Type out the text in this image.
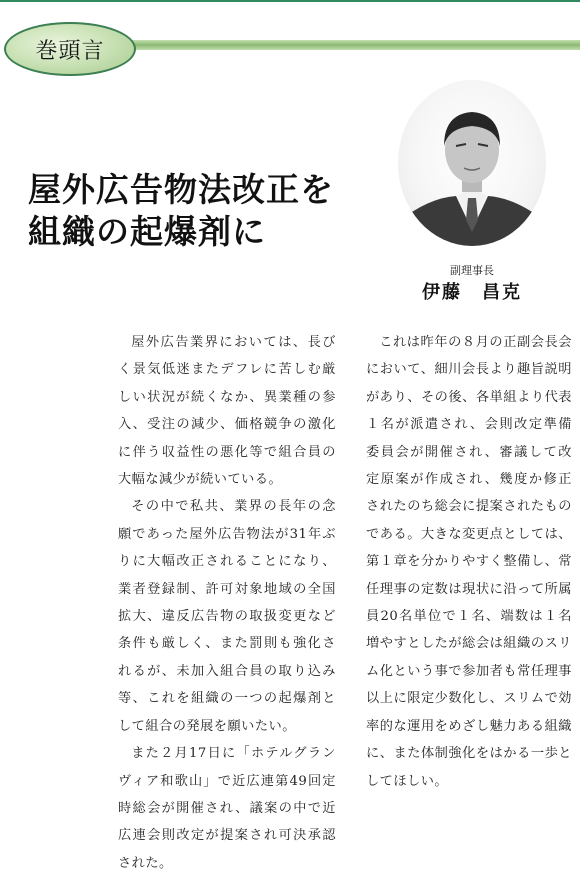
巻頭言
屋外広告物法改正を
組織の起爆剤に
副理事長
伊藤　昌克

屋外広告業界においては、長びく景気低迷またデフレに苦しむ厳しい状況が続くなか、異業種の参入、受注の減少、価格競争の激化に伴う収益性の悪化等で組合員の大幅な減少が続いている。

その中で私共、業界の長年の念願であった屋外広告物法が31年ぶりに大幅改正されることになり、業者登録制、許可対象地域の全国拡大、違反広告物の取扱変更など条件も厳しく、また罰則も強化されるが、未加入組合員の取り込み等、これを組織の一つの起爆剤として組合の発展を願いたい。

また２月17日に「ホテルグランヴィア和歌山」で近広連第49回定時総会が開催され、議案の中で近広連会則改定が提案され可決承認された。

これは昨年の８月の正副会長会において、細川会長より趣旨説明があり、その後、各単組より代表１名が派遣され、会則改定準備委員会が開催され、審議して改定原案が作成され、幾度か修正されたのち総会に提案されたものである。大きな変更点としては、第１章を分かりやすく整備し、常任理事の定数は現状に沿って所属員20名単位で１名、端数は１名増やすとしたが総会は組織のスリム化という事で参加者も常任理事以上に限定少数化し、スリムで効率的な運用をめざし魅力ある組織に、また体制強化をはかる一歩としてほしい。
